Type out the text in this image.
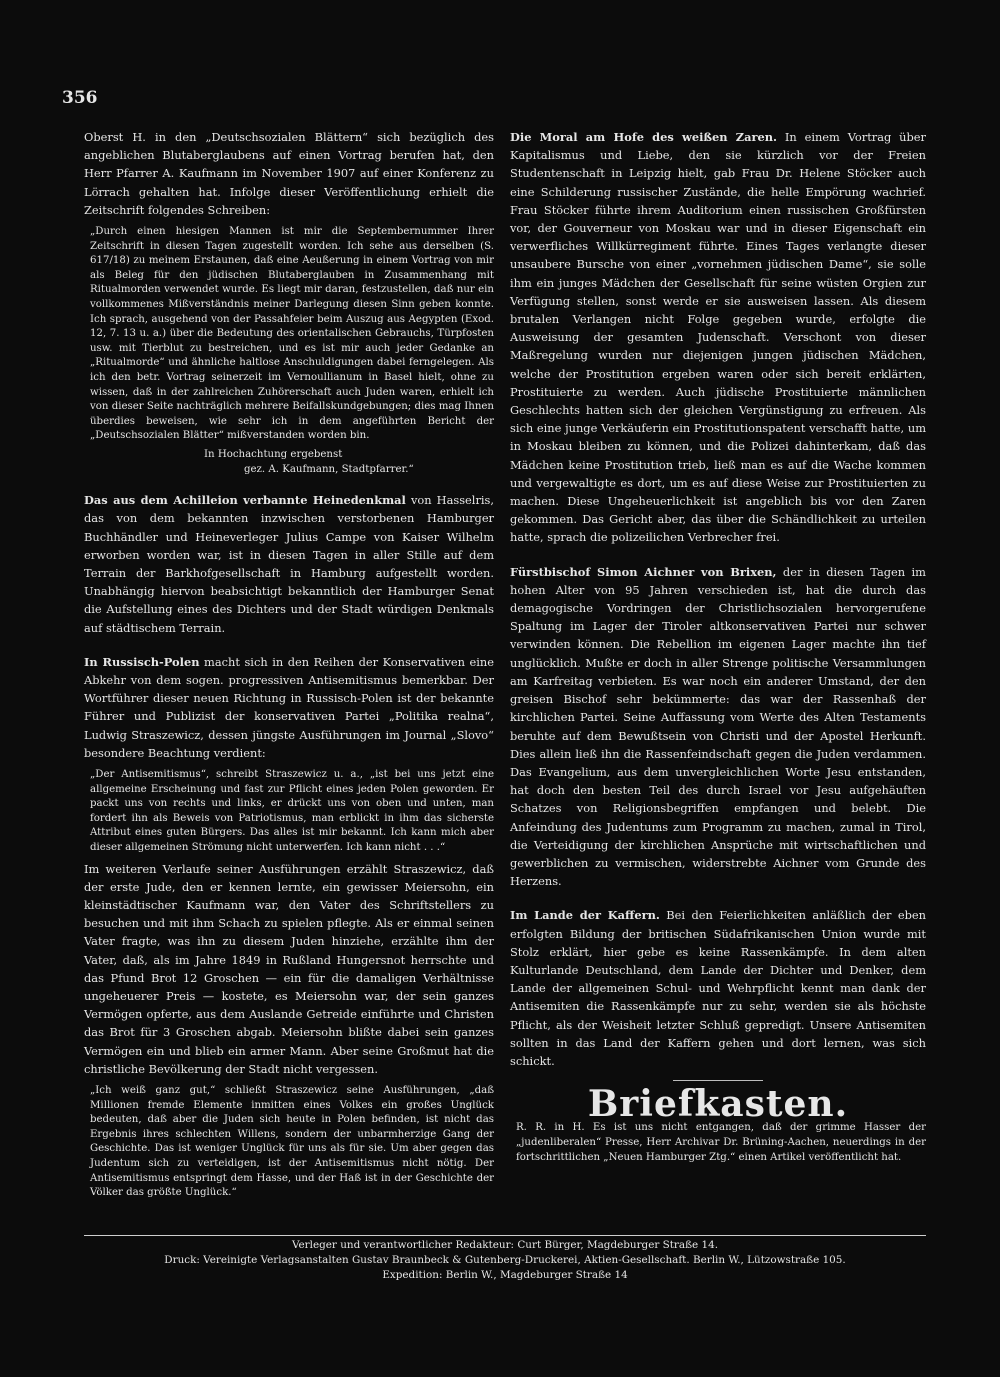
356

Oberst H. in den „Deutschsozialen Blättern“ sich bezüglich des angeblichen Blutaberglaubens auf einen Vortrag berufen hat, den Herr Pfarrer A. Kaufmann im November 1907 auf einer Konferenz zu Lörrach gehalten hat. Infolge dieser Veröffentlichung erhielt die Zeitschrift folgendes Schreiben:

„Durch einen hiesigen Mannen ist mir die Septembernummer Ihrer Zeitschrift in diesen Tagen zugestellt worden. Ich sehe aus derselben (S. 617/18) zu meinem Erstaunen, daß eine Aeußerung in einem Vortrag von mir als Beleg für den jüdischen Blutaberglauben in Zusammenhang mit Ritualmorden verwendet wurde. Es liegt mir daran, festzustellen, daß nur ein vollkommenes Mißverständnis meiner Darlegung diesen Sinn geben konnte. Ich sprach, ausgehend von der Passahfeier beim Auszug aus Aegypten (Exod. 12, 7. 13 u. a.) über die Bedeutung des orientalischen Gebrauchs, Türpfosten usw. mit Tierblut zu bestreichen, und es ist mir auch jeder Gedanke an „Ritualmorde“ und ähnliche haltlose Anschuldigungen dabei ferngelegen. Als ich den betr. Vortrag seinerzeit im Vernoullianum in Basel hielt, ohne zu wissen, daß in der zahlreichen Zuhörerschaft auch Juden waren, erhielt ich von dieser Seite nachträglich mehrere Beifallskundgebungen; dies mag Ihnen überdies beweisen, wie sehr ich in dem angeführten Bericht der „Deutschsozialen Blätter“ mißverstanden worden bin.

In Hochachtung ergebenst

gez. A. Kaufmann, Stadtpfarrer.“

Das aus dem Achilleion verbannte Heinedenkmal von Hasselris, das von dem bekannten inzwischen verstorbenen Hamburger Buchhändler und Heineverleger Julius Campe von Kaiser Wilhelm erworben worden war, ist in diesen Tagen in aller Stille auf dem Terrain der Barkhofgesellschaft in Hamburg aufgestellt worden. Unabhängig hiervon beabsichtigt bekanntlich der Hamburger Senat die Aufstellung eines des Dichters und der Stadt würdigen Denkmals auf städtischem Terrain.

In Russisch-Polen macht sich in den Reihen der Konservativen eine Abkehr von dem sogen. progressiven Antisemitismus bemerkbar. Der Wortführer dieser neuen Richtung in Russisch-Polen ist der bekannte Führer und Publizist der konservativen Partei „Politika realna“, Ludwig Straszewicz, dessen jüngste Ausführungen im Journal „Slovo“ besondere Beachtung verdient:

„Der Antisemitismus“, schreibt Straszewicz u. a., „ist bei uns jetzt eine allgemeine Erscheinung und fast zur Pflicht eines jeden Polen geworden. Er packt uns von rechts und links, er drückt uns von oben und unten, man fordert ihn als Beweis von Patriotismus, man erblickt in ihm das sicherste Attribut eines guten Bürgers. Das alles ist mir bekannt. Ich kann mich aber dieser allgemeinen Strömung nicht unterwerfen. Ich kann nicht . . .“

Im weiteren Verlaufe seiner Ausführungen erzählt Straszewicz, daß der erste Jude, den er kennen lernte, ein gewisser Meiersohn, ein kleinstädtischer Kaufmann war, den Vater des Schriftstellers zu besuchen und mit ihm Schach zu spielen pflegte. Als er einmal seinen Vater fragte, was ihn zu diesem Juden hinziehe, erzählte ihm der Vater, daß, als im Jahre 1849 in Rußland Hungersnot herrschte und das Pfund Brot 12 Groschen — ein für die damaligen Verhältnisse ungeheuerer Preis — kostete, es Meiersohn war, der sein ganzes Vermögen opferte, aus dem Auslande Getreide einführte und Christen das Brot für 3 Groschen abgab. Meiersohn blißte dabei sein ganzes Vermögen ein und blieb ein armer Mann. Aber seine Großmut hat die christliche Bevölkerung der Stadt nicht vergessen.

„Ich weiß ganz gut,“ schließt Straszewicz seine Ausführungen, „daß Millionen fremde Elemente inmitten eines Volkes ein großes Unglück bedeuten, daß aber die Juden sich heute in Polen befinden, ist nicht das Ergebnis ihres schlechten Willens, sondern der unbarmherzige Gang der Geschichte. Das ist weniger Unglück für uns als für sie. Um aber gegen das Judentum sich zu verteidigen, ist der Antisemitismus nicht nötig. Der Antisemitismus entspringt dem Hasse, und der Haß ist in der Geschichte der Völker das größte Unglück.“

Die Moral am Hofe des weißen Zaren. In einem Vortrag über Kapitalismus und Liebe, den sie kürzlich vor der Freien Studentenschaft in Leipzig hielt, gab Frau Dr. Helene Stöcker auch eine Schilderung russischer Zustände, die helle Empörung wachrief. Frau Stöcker führte ihrem Auditorium einen russischen Großfürsten vor, der Gouverneur von Moskau war und in dieser Eigenschaft ein verwerfliches Willkürregiment führte. Eines Tages verlangte dieser unsaubere Bursche von einer „vornehmen jüdischen Dame“, sie solle ihm ein junges Mädchen der Gesellschaft für seine wüsten Orgien zur Verfügung stellen, sonst werde er sie ausweisen lassen. Als diesem brutalen Verlangen nicht Folge gegeben wurde, erfolgte die Ausweisung der gesamten Judenschaft. Verschont von dieser Maßregelung wurden nur diejenigen jungen jüdischen Mädchen, welche der Prostitution ergeben waren oder sich bereit erklärten, Prostituierte zu werden. Auch jüdische Prostituierte männlichen Geschlechts hatten sich der gleichen Vergünstigung zu erfreuen. Als sich eine junge Verkäuferin ein Prostitutionspatent verschafft hatte, um in Moskau bleiben zu können, und die Polizei dahinterkam, daß das Mädchen keine Prostitution trieb, ließ man es auf die Wache kommen und vergewaltigte es dort, um es auf diese Weise zur Prostituierten zu machen. Diese Ungeheuerlichkeit ist angeblich bis vor den Zaren gekommen. Das Gericht aber, das über die Schändlichkeit zu urteilen hatte, sprach die polizeilichen Verbrecher frei.

Fürstbischof Simon Aichner von Brixen, der in diesen Tagen im hohen Alter von 95 Jahren verschieden ist, hat die durch das demagogische Vordringen der Christlichsozialen hervorgerufene Spaltung im Lager der Tiroler altkonservativen Partei nur schwer verwinden können. Die Rebellion im eigenen Lager machte ihn tief unglücklich. Mußte er doch in aller Strenge politische Versammlungen am Karfreitag verbieten. Es war noch ein anderer Umstand, der den greisen Bischof sehr bekümmerte: das war der Rassenhaß der kirchlichen Partei. Seine Auffassung vom Werte des Alten Testaments beruhte auf dem Bewußtsein von Christi und der Apostel Herkunft. Dies allein ließ ihn die Rassenfeindschaft gegen die Juden verdammen. Das Evangelium, aus dem unvergleichlichen Worte Jesu entstanden, hat doch den besten Teil des durch Israel vor Jesu aufgehäuften Schatzes von Religionsbegriffen empfangen und belebt. Die Anfeindung des Judentums zum Programm zu machen, zumal in Tirol, die Verteidigung der kirchlichen Ansprüche mit wirtschaftlichen und gewerblichen zu vermischen, widerstrebte Aichner vom Grunde des Herzens.

Im Lande der Kaffern. Bei den Feierlichkeiten anläßlich der eben erfolgten Bildung der britischen Südafrikanischen Union wurde mit Stolz erklärt, hier gebe es keine Rassenkämpfe. In dem alten Kulturlande Deutschland, dem Lande der Dichter und Denker, dem Lande der allgemeinen Schul- und Wehrpflicht kennt man dank der Antisemiten die Rassenkämpfe nur zu sehr, werden sie als höchste Pflicht, als der Weisheit letzter Schluß gepredigt. Unsere Antisemiten sollten in das Land der Kaffern gehen und dort lernen, was sich schickt.

Briefkasten.

R. R. in H. Es ist uns nicht entgangen, daß der grimme Hasser der „judenliberalen“ Presse, Herr Archivar Dr. Brüning-Aachen, neuerdings in der fortschrittlichen „Neuen Hamburger Ztg.“ einen Artikel veröffentlicht hat.

Verleger und verantwortlicher Redakteur: Curt Bürger, Magdeburger Straße 14.
Druck: Vereinigte Verlagsanstalten Gustav Braunbeck & Gutenberg-Druckerei, Aktien-Gesellschaft. Berlin W., Lützowstraße 105.
Expedition: Berlin W., Magdeburger Straße 14
